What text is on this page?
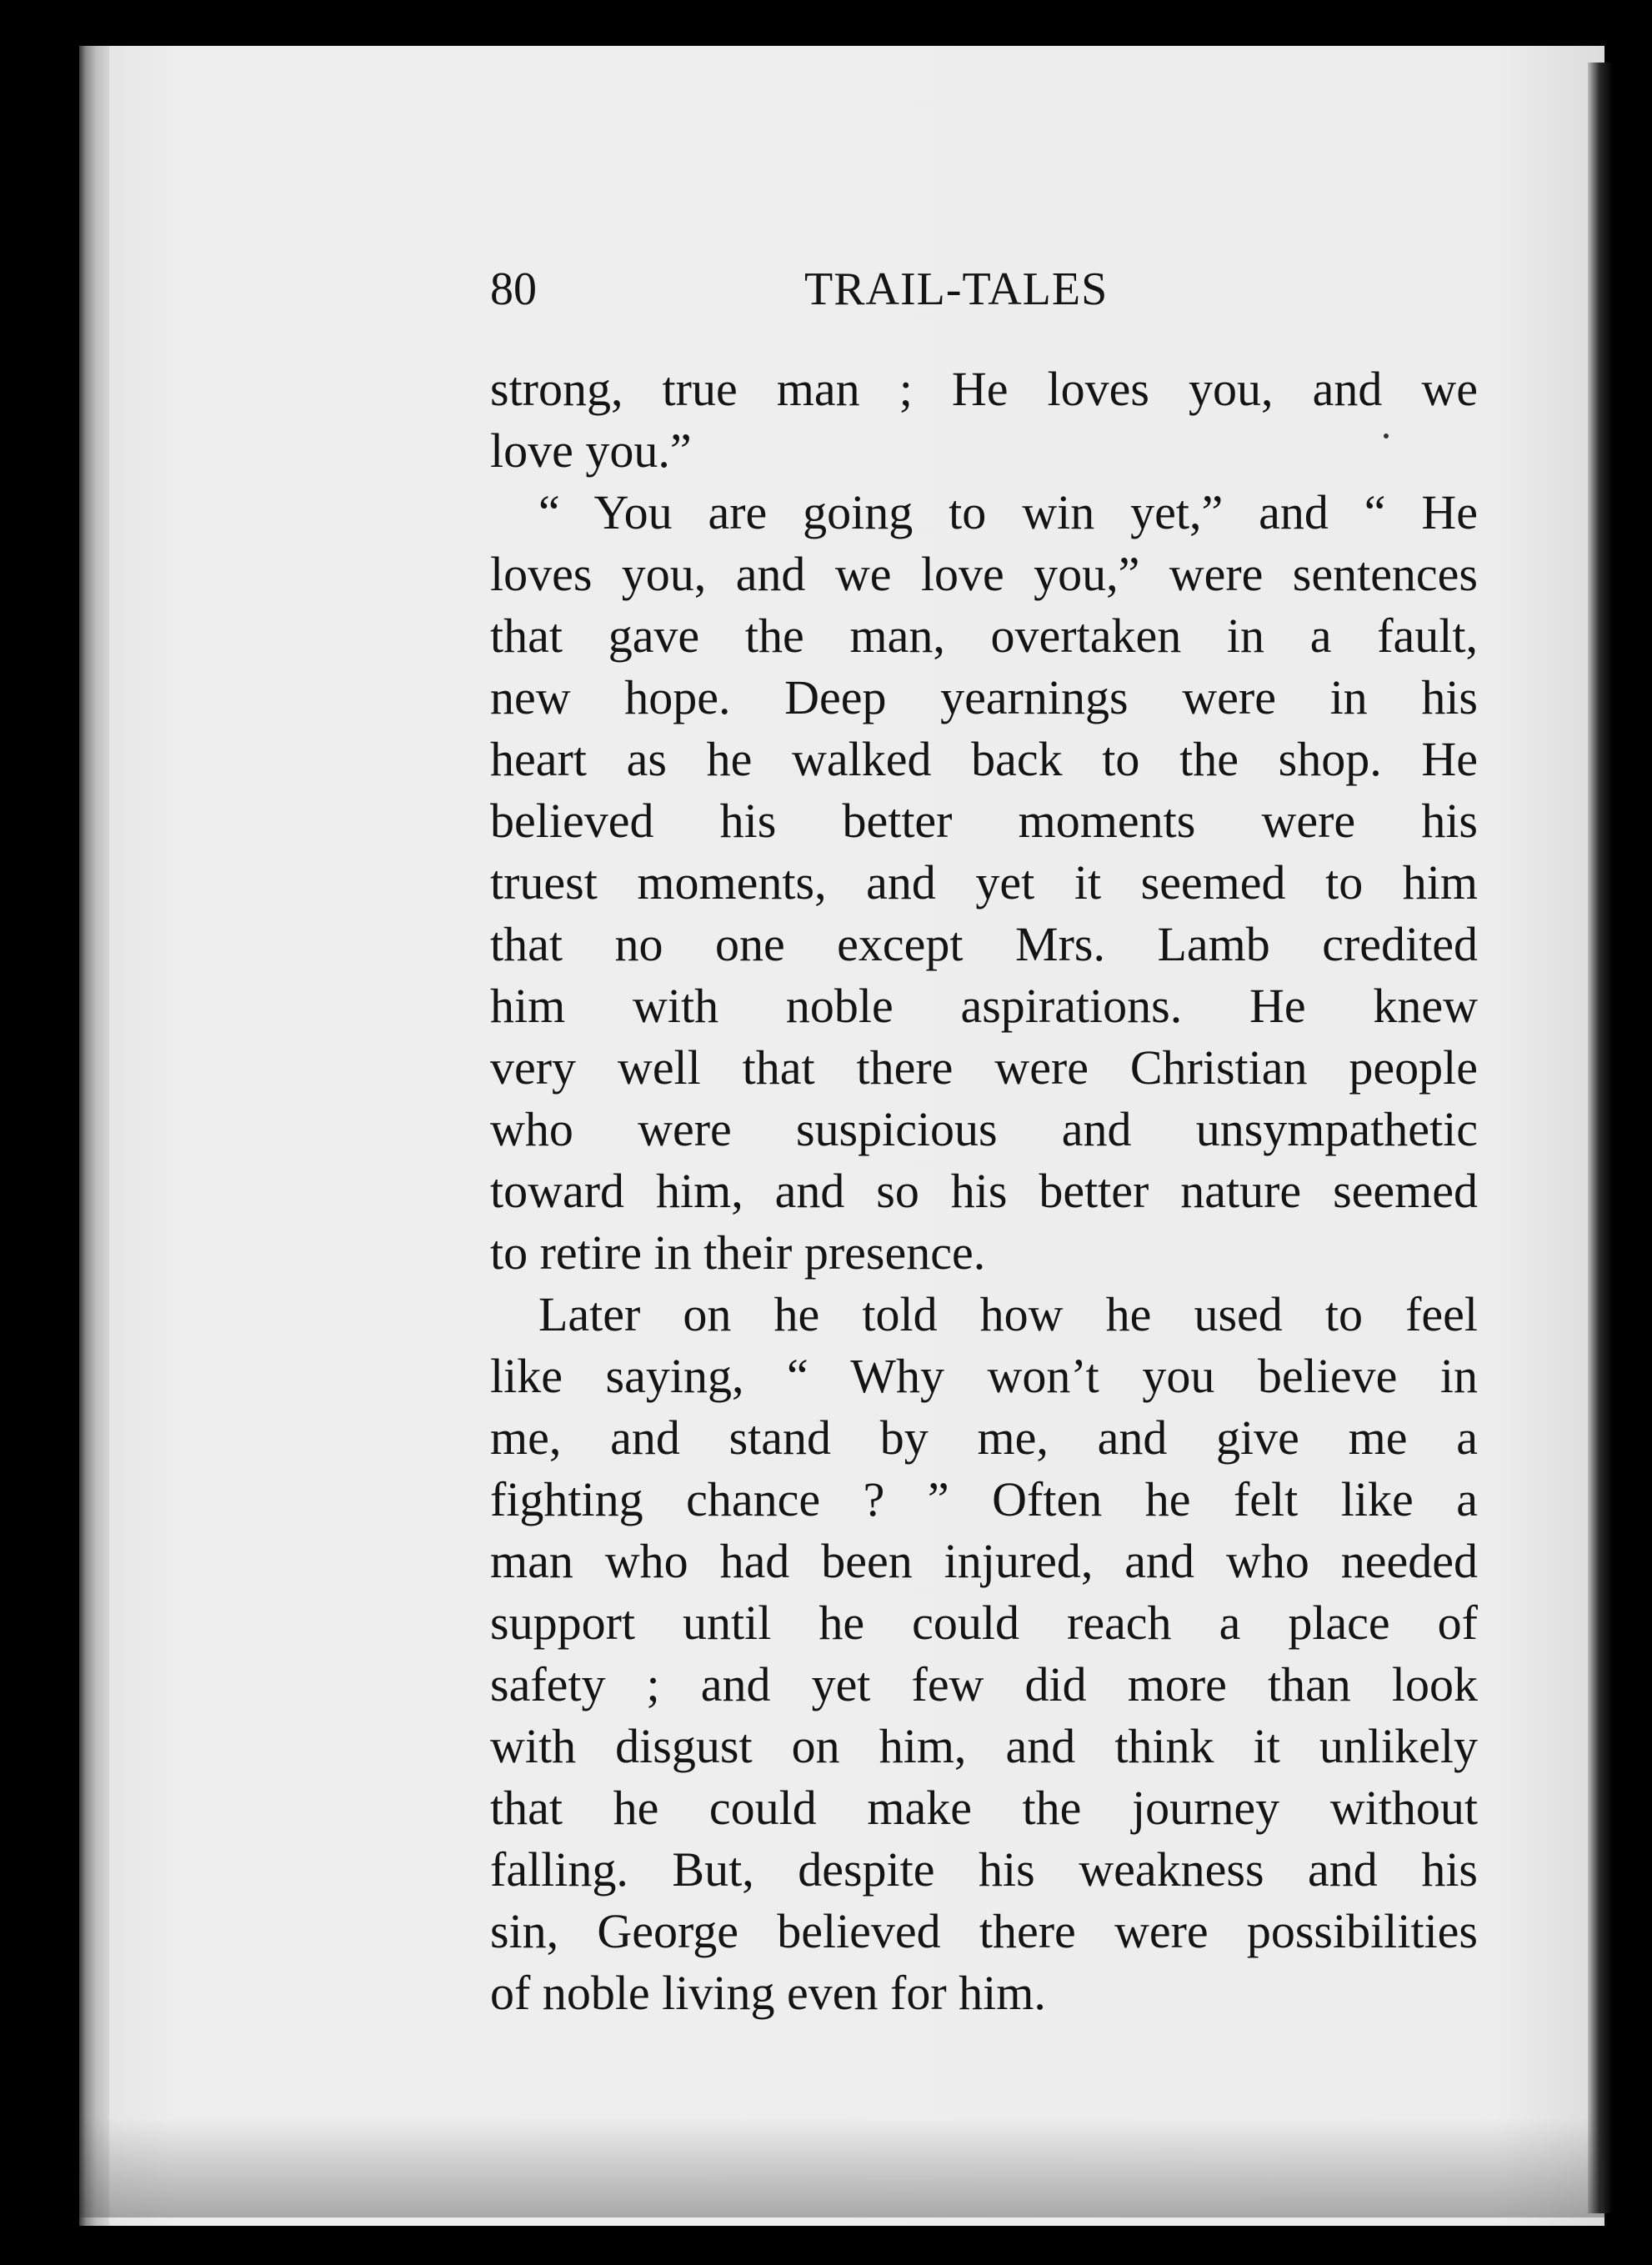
80	TRAIL-TALES
strong, true man ; He loves you, and we
love you.”
“ You are going to win yet,” and “ He
loves you, and we love you,” were sentences
that gave the man, overtaken in a fault,
new hope. Deep yearnings were in his
heart as he walked back to the shop. He
believed his better moments were his
truest moments, and yet it seemed to him
that no one except Mrs. Lamb credited
him with noble aspirations. He knew
very well that there were Christian people
who were suspicious and unsympathetic
toward him, and so his better nature seemed
to retire in their presence.
Later on he told how he used to feel
like saying, “ Why won’t you believe in
me, and stand by me, and give me a
fighting chance ? ” Often he felt like a
man who had been injured, and who needed
support until he could reach a place of
safety ; and yet few did more than look
with disgust on him, and think it unlikely
that he could make the journey without
falling. But, despite his weakness and his
sin, George believed there were possibilities
of noble living even for him.
